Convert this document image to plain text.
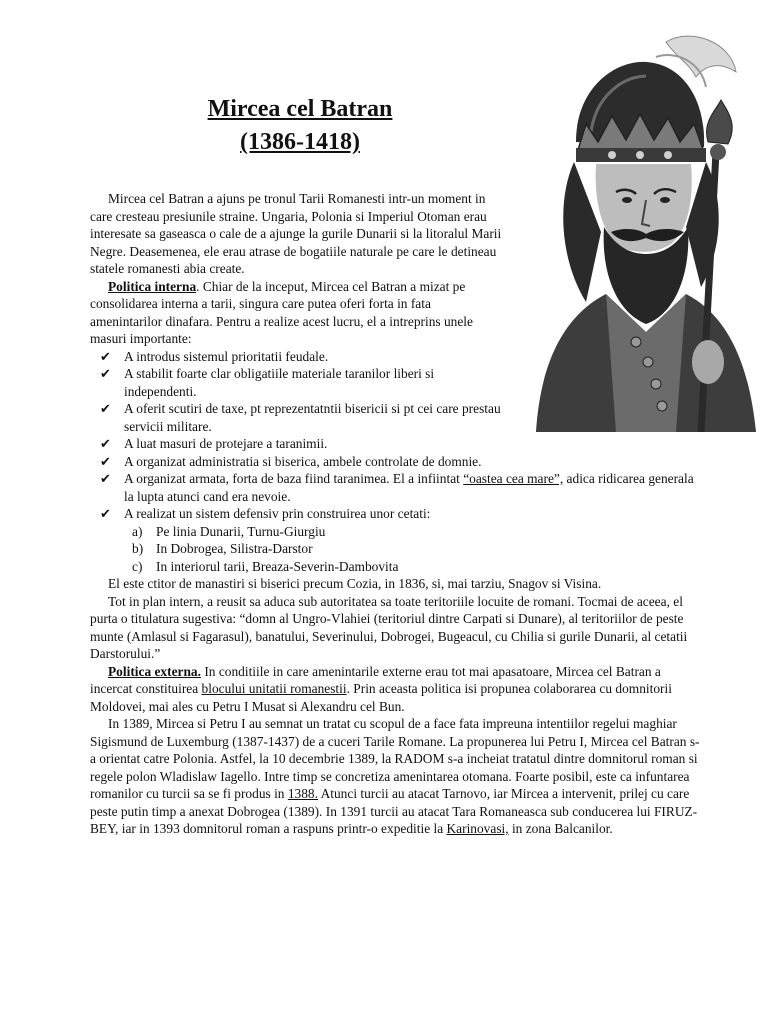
Mircea cel Batran
(1386-1418)

Mircea cel Batran a ajuns pe tronul Tarii Romanesti intr-un moment in care cresteau presiunile straine. Ungaria, Polonia si Imperiul Otoman erau interesate sa gaseasca o cale de a ajunge la gurile Dunarii si la litoralul Marii Negre. Deasemenea, ele erau atrase de bogatiile naturale pe care le detineau statele romanesti abia create.

Politica interna. Chiar de la inceput, Mircea cel Batran a mizat pe consolidarea interna a tarii, singura care putea oferi forta in fata amenintarilor dinafara. Pentru a realize acest lucru, el a intreprins unele masuri importante:

✔ A introdus sistemul prioritatii feudale.

✔ A stabilit foarte clar obligatiile materiale taranilor liberi si independenti.

✔ A oferit scutiri de taxe, pt reprezentatntii bisericii si pt cei care prestau servicii militare.

✔ A luat masuri de protejare a taranimii.

✔ A organizat administratia si biserica, ambele controlate de domnie.

✔ A organizat armata, forta de baza fiind taranimea. El a infiintat “oastea cea mare”, adica ridicarea generala la lupta atunci cand era nevoie.

✔ A realizat un sistem defensiv prin construirea unor cetati:

a) Pe linia Dunarii, Turnu-Giurgiu

b) In Dobrogea, Silistra-Darstor

c) In interiorul tarii, Breaza-Severin-Dambovita

El este ctitor de manastiri si biserici precum Cozia, in 1836, si, mai tarziu, Snagov si Visina.

Tot in plan intern, a reusit sa aduca sub autoritatea sa toate teritoriile locuite de romani. Tocmai de aceea, el purta o titulatura sugestiva: “domn al Ungro-Vlahiei (teritoriul dintre Carpati si Dunare), al teritoriilor de peste munte (Amlasul si Fagarasul), banatului, Severinului, Dobrogei, Bugeacul, cu Chilia si gurile Dunarii, al cetatii Darstorului.”

Politica externa. In conditiile in care amenintarile externe erau tot mai apasatoare, Mircea cel Batran a incercat constituirea blocului unitatii romanestii. Prin aceasta politica isi propunea colaborarea cu domnitorii Moldovei, mai ales cu Petru I Musat si Alexandru cel Bun.

In 1389, Mircea si Petru I au semnat un tratat cu scopul de a face fata impreuna intentiilor regelui maghiar Sigismund de Luxemburg (1387-1437) de a cuceri Tarile Romane. La propunerea lui Petru I, Mircea cel Batran s-a orientat catre Polonia. Astfel, la 10 decembrie 1389, la RADOM s-a incheiat tratatul dintre domnitorul roman si regele polon Wladislaw Iagello. Intre timp se concretiza amenintarea otomana. Foarte posibil, este ca infuntarea romanilor cu turcii sa se fi produs in 1388. Atunci turcii au atacat Tarnovo, iar Mircea a intervenit, prilej cu care peste putin timp a anexat Dobrogea (1389). In 1391 turcii au atacat Tara Romaneasca sub conducerea lui FIRUZ-BEY, iar in 1393 domnitorul roman a raspuns printr-o expeditie la Karinovasi, in zona Balcanilor.
